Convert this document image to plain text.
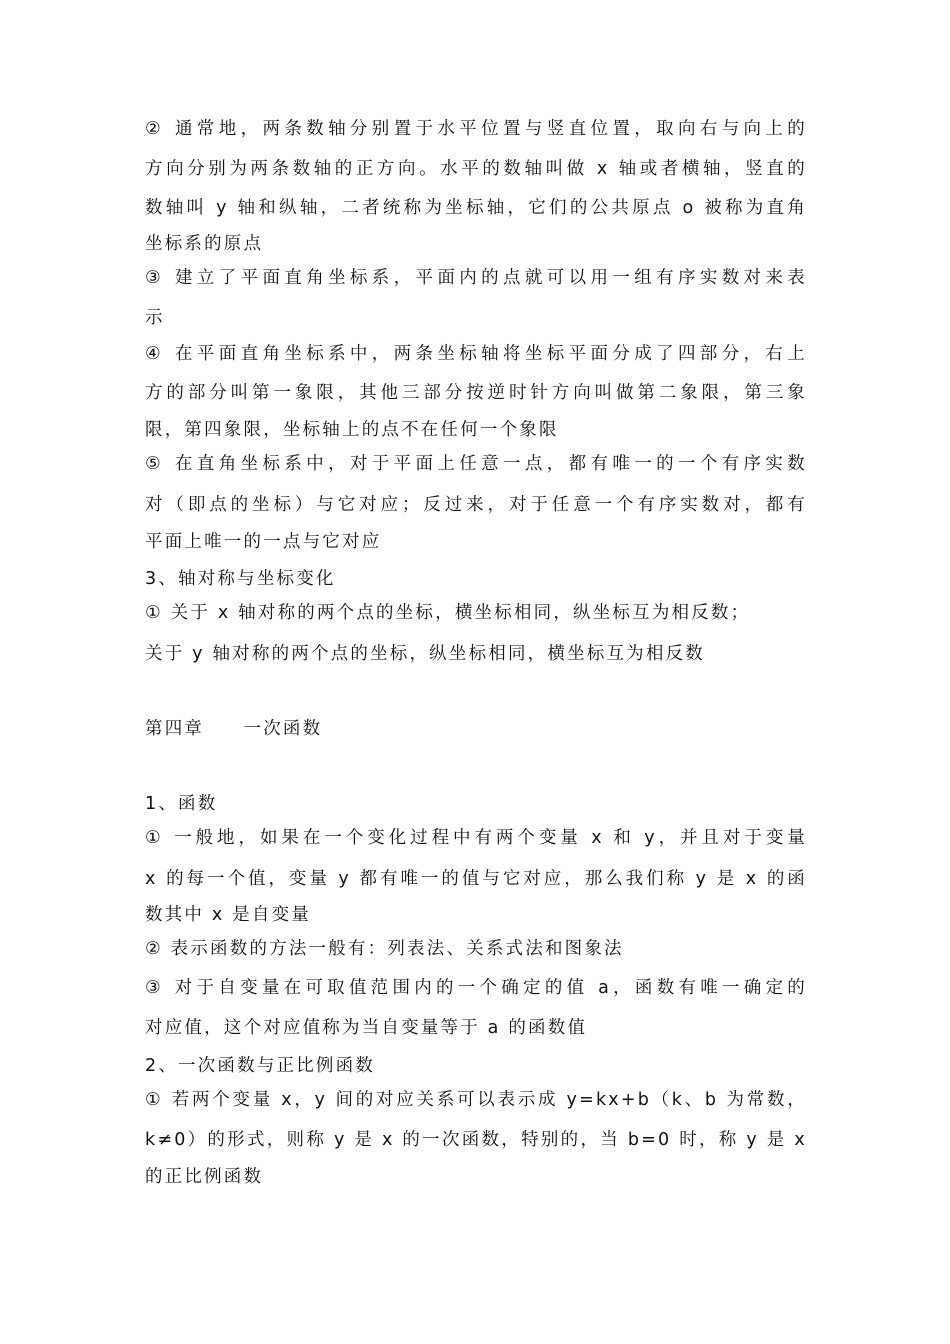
② 通常地，两条数轴分别置于水平位置与竖直位置，取向右与向上的
方向分别为两条数轴的正方向。水平的数轴叫做 x 轴或者横轴，竖直的
数轴叫 y 轴和纵轴，二者统称为坐标轴，它们的公共原点 o 被称为直角
坐标系的原点
③ 建立了平面直角坐标系，平面内的点就可以用一组有序实数对来表
示
④ 在平面直角坐标系中，两条坐标轴将坐标平面分成了四部分，右上
方的部分叫第一象限，其他三部分按逆时针方向叫做第二象限，第三象
限，第四象限，坐标轴上的点不在任何一个象限
⑤ 在直角坐标系中，对于平面上任意一点，都有唯一的一个有序实数
对（即点的坐标）与它对应；反过来，对于任意一个有序实数对，都有
平面上唯一的一点与它对应
3、轴对称与坐标变化
① 关于 x 轴对称的两个点的坐标，横坐标相同，纵坐标互为相反数；
关于 y 轴对称的两个点的坐标，纵坐标相同，横坐标互为相反数
第四章　　一次函数
1、函数
① 一般地，如果在一个变化过程中有两个变量 x 和 y，并且对于变量
x 的每一个值，变量 y 都有唯一的值与它对应，那么我们称 y 是 x 的函
数其中 x 是自变量
② 表示函数的方法一般有：列表法、关系式法和图象法
③ 对于自变量在可取值范围内的一个确定的值 a，函数有唯一确定的
对应值，这个对应值称为当自变量等于 a 的函数值
2、一次函数与正比例函数
① 若两个变量 x，y 间的对应关系可以表示成 y=kx+b（k、b 为常数，
k≠0）的形式，则称 y 是 x 的一次函数，特别的，当 b=0 时，称 y 是 x
的正比例函数
